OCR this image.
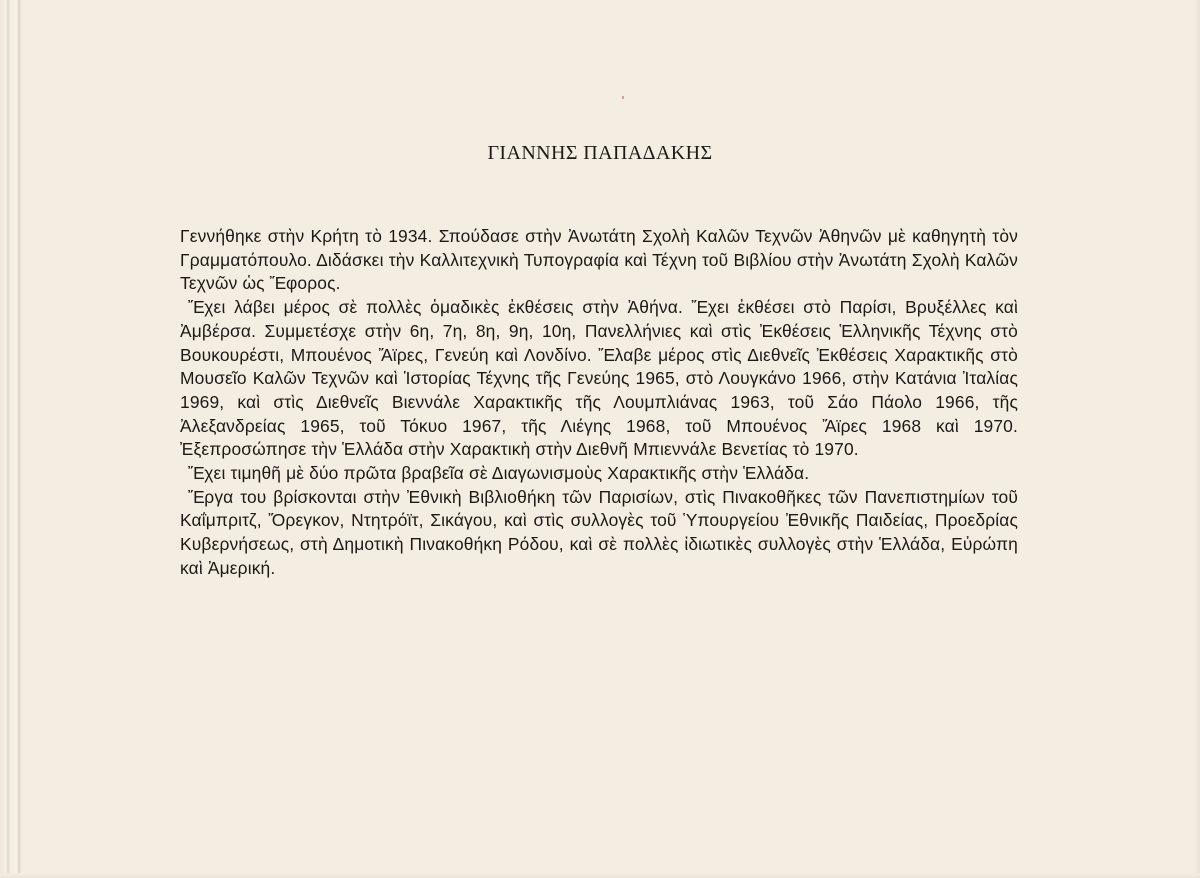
ΓΙΑΝΝΗΣ ΠΑΠΑΔΑΚΗΣ

Γεννήθηκε στὴν Κρήτη τὸ 1934. Σπούδασε στὴν Ἀνωτάτη Σχολὴ Καλῶν Τεχνῶν Ἀθηνῶν μὲ καθηγητὴ τὸν Γραμματόπουλο. Διδάσκει τὴν Καλλιτεχνικὴ Τυπογραφία καὶ Τέχνη τοῦ Βιβλίου στὴν Ἀνωτάτη Σχολὴ Καλῶν Τεχνῶν ὡς Ἔφορος.

Ἔχει λάβει μέρος σὲ πολλὲς ὁμαδικὲς ἐκθέσεις στὴν Ἀθήνα. Ἔχει ἐκθέσει στὸ Παρίσι, Βρυξέλλες καὶ Ἀμβέρσα. Συμμετέσχε στὴν 6η, 7η, 8η, 9η, 10η, Πανελλήνιες καὶ στὶς Ἐκθέσεις Ἑλληνικῆς Τέχνης στὸ Βουκουρέστι, Μπουένος Ἄϊρες, Γενεύη καὶ Λονδίνο. Ἔλαβε μέρος στὶς Διεθνεῖς Ἐκθέσεις Χαρακτικῆς στὸ Μουσεῖο Καλῶν Τεχνῶν καὶ Ἱστορίας Τέχνης τῆς Γενεύης 1965, στὸ Λουγκάνο 1966, στὴν Κατάνια Ἰταλίας 1969, καὶ στὶς Διεθνεῖς Βιεννάλε Χαρακτικῆς τῆς Λουμπλιάνας 1963, τοῦ Σάο Πάολο 1966, τῆς Ἀλεξανδρείας 1965, τοῦ Τόκυο 1967, τῆς Λιέγης 1968, τοῦ Μπουένος Ἄϊρες 1968 καὶ 1970. Ἐξεπροσώπησε τὴν Ἑλλάδα στὴν Χαρακτικὴ στὴν Διεθνῆ Μπιεννάλε Βενετίας τὸ 1970.

Ἔχει τιμηθῆ μὲ δύο πρῶτα βραβεῖα σὲ Διαγωνισμοὺς Χαρακτικῆς στὴν Ἑλλάδα.

Ἔργα του βρίσκονται στὴν Ἐθνικὴ Βιβλιοθήκη τῶν Παρισίων, στὶς Πινακοθῆκες τῶν Πανεπιστημίων τοῦ Καΐμπριτζ, Ὄρεγκον, Ντητρόϊτ, Σικάγου, καὶ στὶς συλλογὲς τοῦ Ὑπουργείου Ἐθνικῆς Παιδείας, Προεδρίας Κυβερνήσεως, στὴ Δημοτικὴ Πινακοθήκη Ρόδου, καὶ σὲ πολλὲς ἰδιωτικὲς συλλογὲς στὴν Ἑλλάδα, Εὐρώπη καὶ Ἀμερική.
